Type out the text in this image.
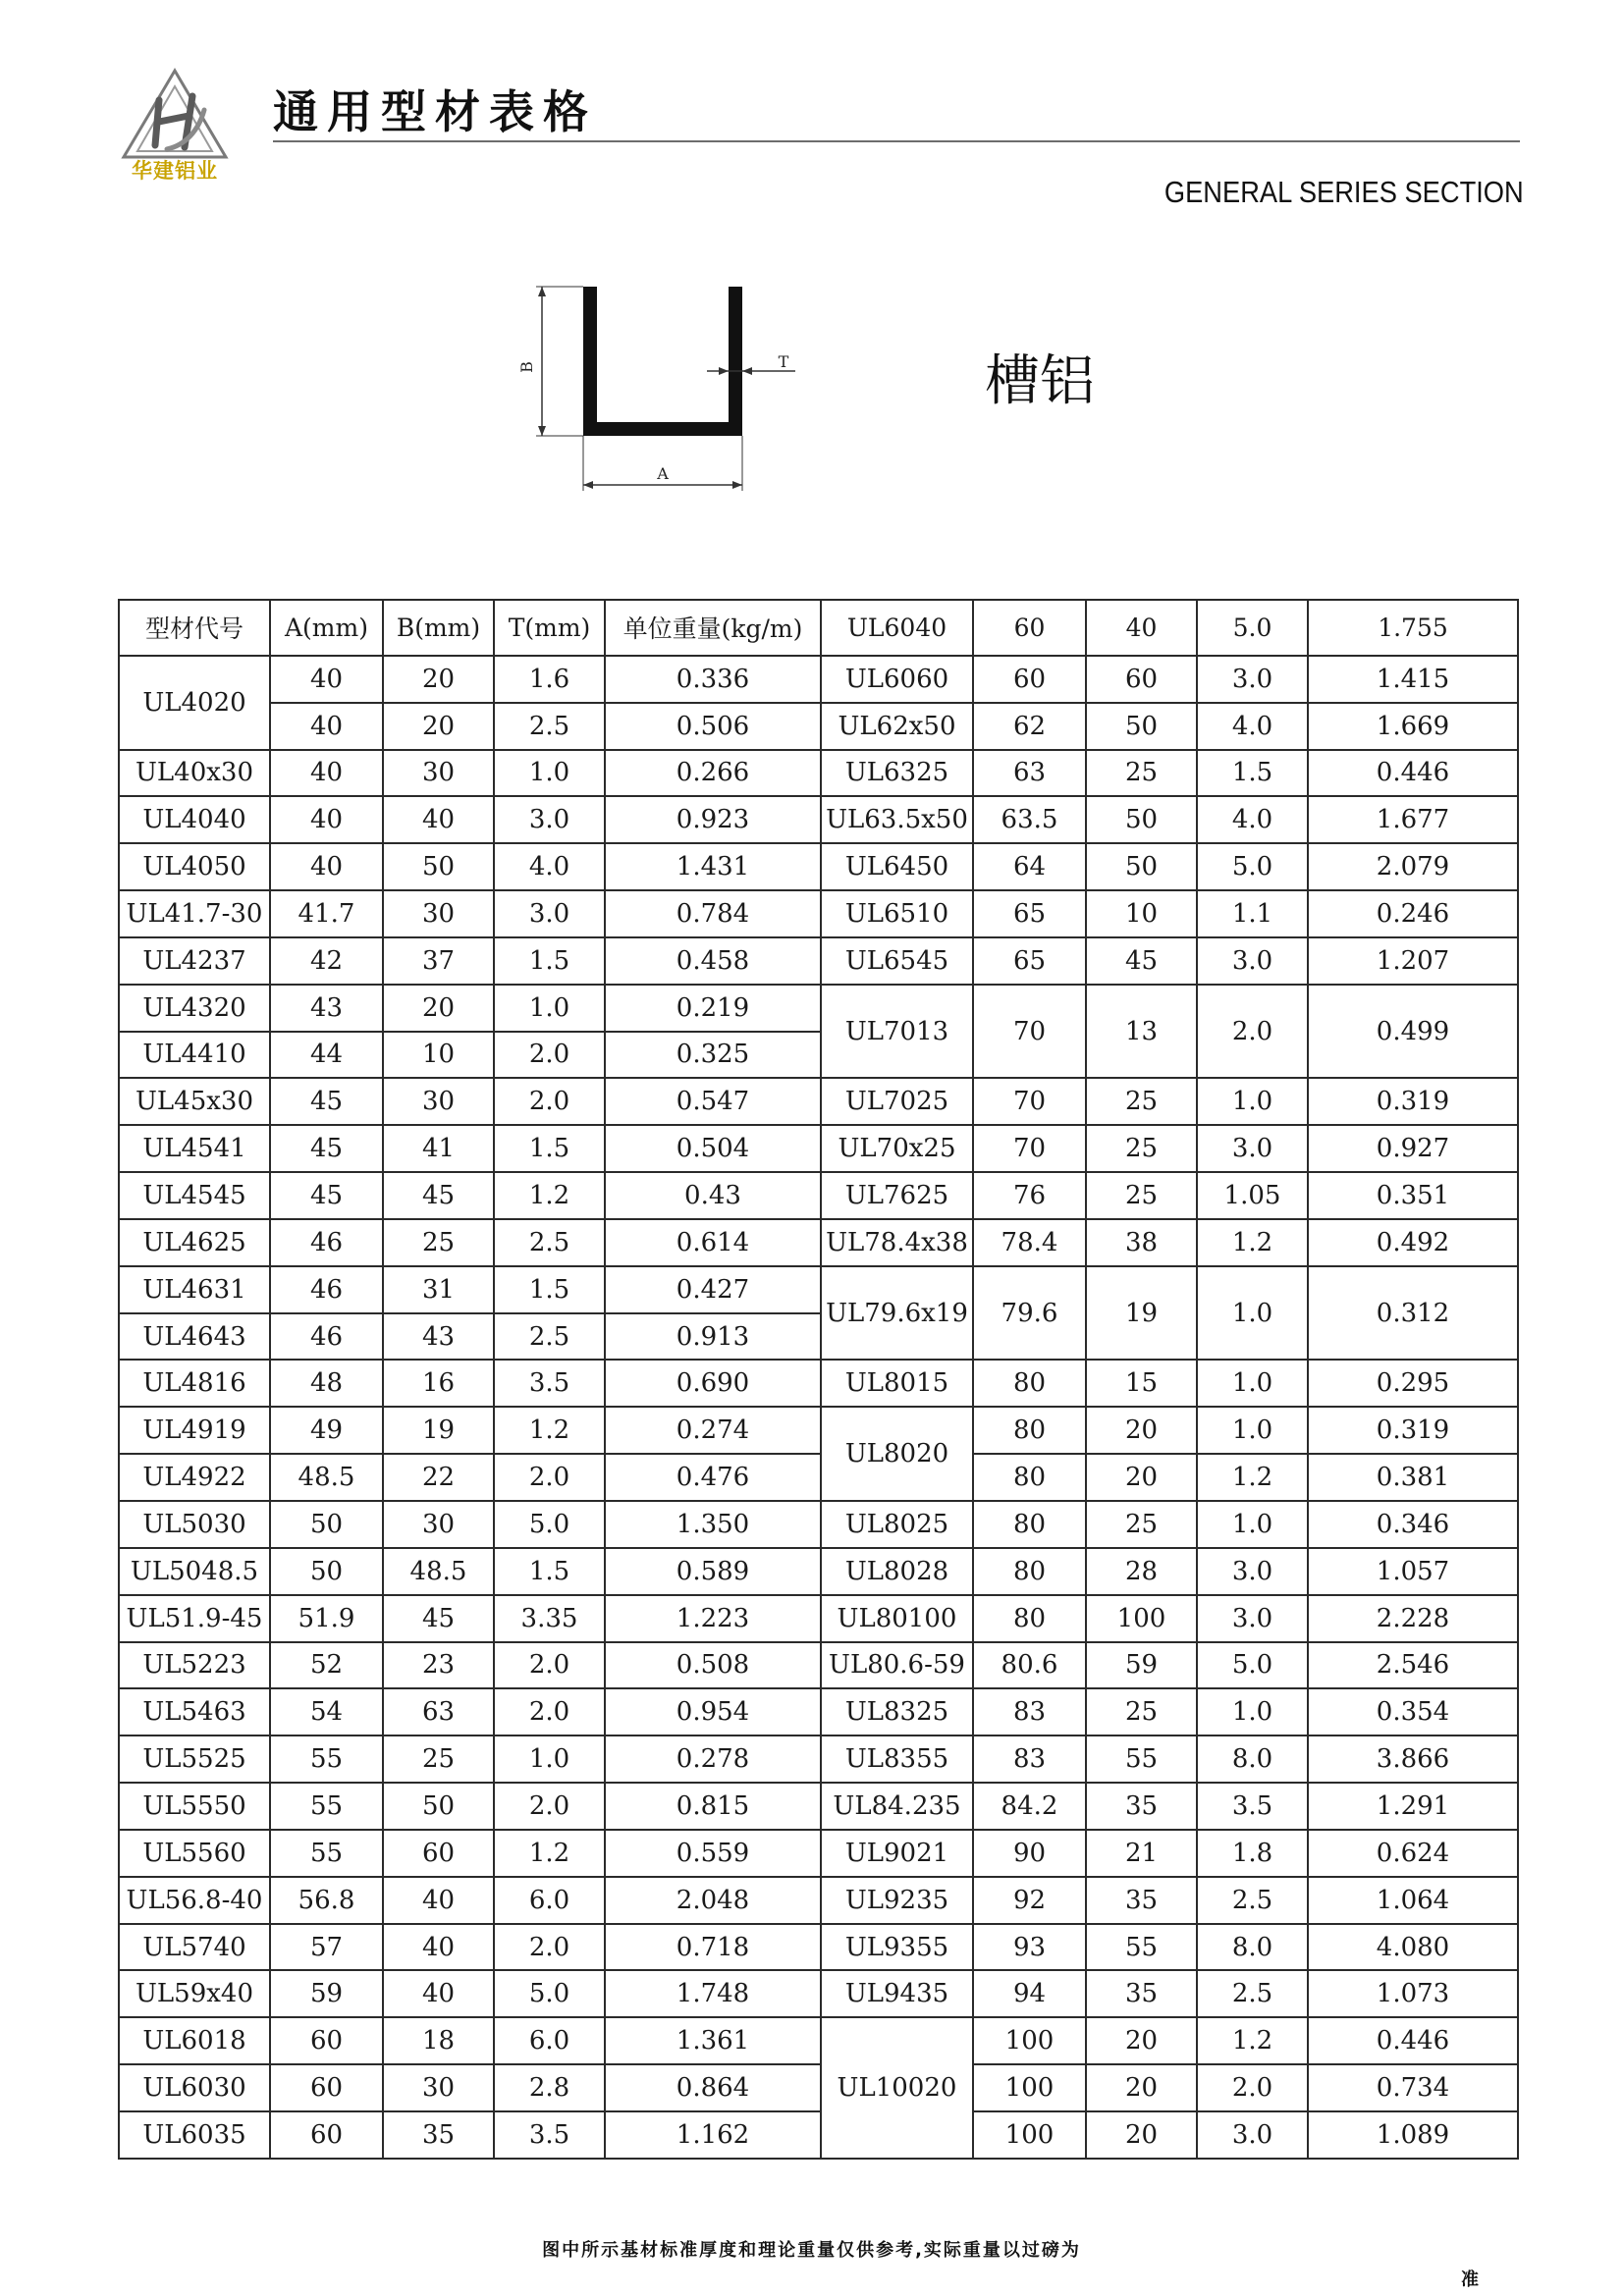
华建铝业
通用型材表格
GENERAL SERIES SECTION
B
A
T	槽铝
型材代号	A(mm)	B(mm)	T(mm)	单位重量(kg/m)	UL6040	60	40	5.0	1.755
UL4020	40	20	1.6	0.336	UL6060	60	60	3.0	1.415
	40	20	2.5	0.506	UL62x50	62	50	4.0	1.669
UL40x30	40	30	1.0	0.266	UL6325	63	25	1.5	0.446
UL4040	40	40	3.0	0.923	UL63.5x50	63.5	50	4.0	1.677
UL4050	40	50	4.0	1.431	UL6450	64	50	5.0	2.079
UL41.7-30	41.7	30	3.0	0.784	UL6510	65	10	1.1	0.246
UL4237	42	37	1.5	0.458	UL6545	65	45	3.0	1.207
UL4320	43	20	1.0	0.219	UL7013	70	13	2.0	0.499
UL4410	44	10	2.0	0.325					
UL45x30	45	30	2.0	0.547	UL7025	70	25	1.0	0.319
UL4541	45	41	1.5	0.504	UL70x25	70	25	3.0	0.927
UL4545	45	45	1.2	0.43	UL7625	76	25	1.05	0.351
UL4625	46	25	2.5	0.614	UL78.4x38	78.4	38	1.2	0.492
UL4631	46	31	1.5	0.427	UL79.6x19	79.6	19	1.0	0.312
UL4643	46	43	2.5	0.913					
UL4816	48	16	3.5	0.690	UL8015	80	15	1.0	0.295
UL4919	49	19	1.2	0.274	UL8020	80	20	1.0	0.319
UL4922	48.5	22	2.0	0.476		80	20	1.2	0.381
UL5030	50	30	5.0	1.350	UL8025	80	25	1.0	0.346
UL5048.5	50	48.5	1.5	0.589	UL8028	80	28	3.0	1.057
UL51.9-45	51.9	45	3.35	1.223	UL80100	80	100	3.0	2.228
UL5223	52	23	2.0	0.508	UL80.6-59	80.6	59	5.0	2.546
UL5463	54	63	2.0	0.954	UL8325	83	25	1.0	0.354
UL5525	55	25	1.0	0.278	UL8355	83	55	8.0	3.866
UL5550	55	50	2.0	0.815	UL84.235	84.2	35	3.5	1.291
UL5560	55	60	1.2	0.559	UL9021	90	21	1.8	0.624
UL56.8-40	56.8	40	6.0	2.048	UL9235	92	35	2.5	1.064
UL5740	57	40	2.0	0.718	UL9355	93	55	8.0	4.080
UL59x40	59	40	5.0	1.748	UL9435	94	35	2.5	1.073
UL6018	60	18	6.0	1.361	UL10020	100	20	1.2	0.446
UL6030	60	30	2.8	0.864		100	20	2.0	0.734
UL6035	60	35	3.5	1.162		100	20	3.0	1.089
图中所示基材标准厚度和理论重量仅供参考,实际重量以过磅为
准
